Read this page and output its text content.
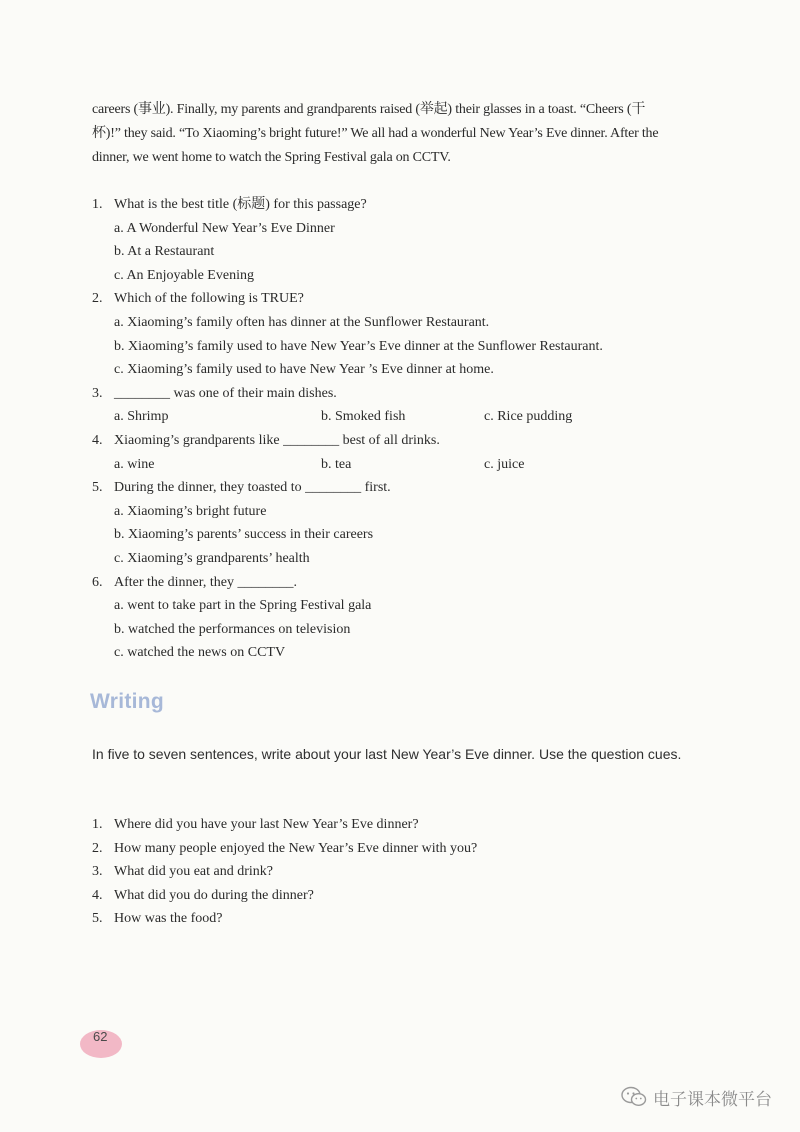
careers (事业). Finally, my parents and grandparents raised (举起) their glasses in a toast. “Cheers (干

杯)!” they said. “To Xiaoming’s bright future!” We all had a wonderful New Year’s Eve dinner. After the

dinner, we went home to watch the Spring Festival gala on CCTV.

1. What is the best title (标题) for this passage?
a. A Wonderful New Year’s Eve Dinner
b. At a Restaurant
c. An Enjoyable Evening
2. Which of the following is TRUE?
a. Xiaoming’s family often has dinner at the Sunflower Restaurant.
b. Xiaoming’s family used to have New Year’s Eve dinner at the Sunflower Restaurant.
c. Xiaoming’s family used to have New Year ’s Eve dinner at home.
3. ________ was one of their main dishes.
a. Shrimp	b. Smoked fish	c. Rice pudding
4. Xiaoming’s grandparents like ________ best of all drinks.
a. wine	b. tea	c. juice
5. During the dinner, they toasted to ________ first.
a. Xiaoming’s bright future
b. Xiaoming’s parents’ success in their careers
c. Xiaoming’s grandparents’ health
6. After the dinner, they ________.
a. went to take part in the Spring Festival gala
b. watched the performances on television
c. watched the news on CCTV
Writing
In five to seven sentences, write about your last New Year’s Eve dinner. Use the question cues.
1. Where did you have your last New Year’s Eve dinner?
2. How many people enjoyed the New Year’s Eve dinner with you?
3. What did you eat and drink?
4. What did you do during the dinner?
5. How was the food?
62
电子课本微平台
